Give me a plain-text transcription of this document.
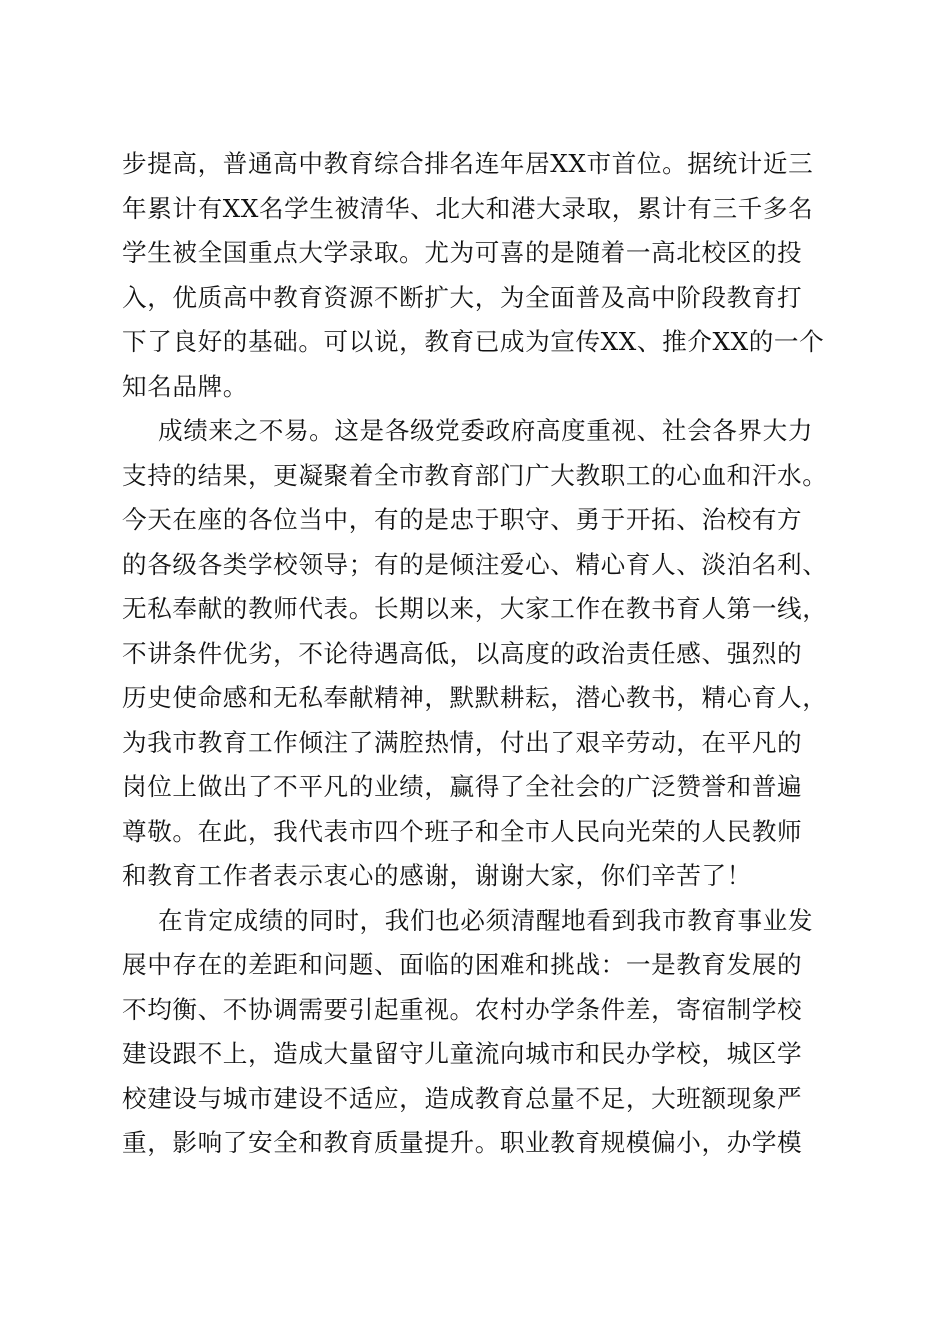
步提高，普通高中教育综合排名连年居XX市首位。据统计近三
年累计有XX名学生被清华、北大和港大录取，累计有三千多名
学生被全国重点大学录取。尤为可喜的是随着一高北校区的投
入，优质高中教育资源不断扩大，为全面普及高中阶段教育打
下了良好的基础。可以说，教育已成为宣传XX、推介XX的一个
知名品牌。
成绩来之不易。这是各级党委政府高度重视、社会各界大力
支持的结果，更凝聚着全市教育部门广大教职工的心血和汗水。
今天在座的各位当中，有的是忠于职守、勇于开拓、治校有方
的各级各类学校领导；有的是倾注爱心、精心育人、淡泊名利、
无私奉献的教师代表。长期以来，大家工作在教书育人第一线，
不讲条件优劣，不论待遇高低，以高度的政治责任感、强烈的
历史使命感和无私奉献精神，默默耕耘，潜心教书，精心育人，
为我市教育工作倾注了满腔热情，付出了艰辛劳动，在平凡的
岗位上做出了不平凡的业绩，赢得了全社会的广泛赞誉和普遍
尊敬。在此，我代表市四个班子和全市人民向光荣的人民教师
和教育工作者表示衷心的感谢，谢谢大家，你们辛苦了！
在肯定成绩的同时，我们也必须清醒地看到我市教育事业发
展中存在的差距和问题、面临的困难和挑战：一是教育发展的
不均衡、不协调需要引起重视。农村办学条件差，寄宿制学校
建设跟不上，造成大量留守儿童流向城市和民办学校，城区学
校建设与城市建设不适应，造成教育总量不足，大班额现象严
重，影响了安全和教育质量提升。职业教育规模偏小，办学模
